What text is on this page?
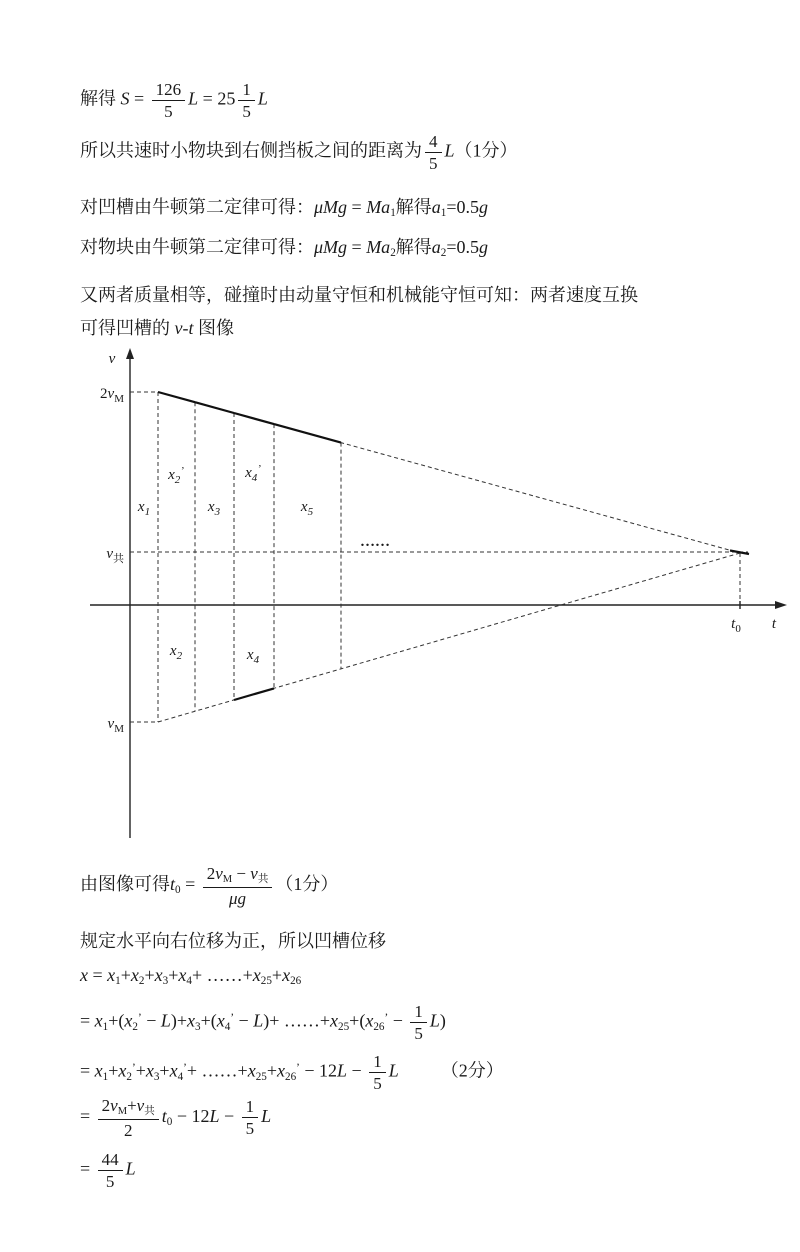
解得 $S = \frac{126}{5}$ $L = 25 \frac{1}{5}$ L
所以共速时小物块到右侧挡板之间的距离为 $\frac{4}{5} L(1$分）
对凹槽由牛顿第二定律可得：μMg = Ma1解得a1=0.5g
对物块由牛顿第二定律可得：μMg = Ma2解得a2=0.5g
又两者质量相等，碰撞时由动量守恒和机械能守恒可知：两者速度互换
可得凹槽的 v-t 图像
v
t
$2v_M$
$v_共$
$v_M$
$t_0$
$x_1$
$x_2^’$
$x_3$
$x_4^’$
$x_5$
$x_2$	$x_4$
……
由图像可得$t0 = \frac{\text{2vM − v共}}{\mu g} (1$分）
规定水平向右位移为正，所以凹槽位移
x = x1+x2+x3+x4+ ……+x25+x26
= x1+(x2’ − L)+x3+(x4’ − L)+ ……+x25+(x26’ − $\frac{1}{5} L$)
= x1+x2’+x3+x4’+ ……+x25+x26’ − $12L - \frac{1}{5}$ L （2分）
= $\frac{\text{2vM+v共}}{2} t0 - 12L - \frac{1}{5}$ L
= $\frac{44}{5}$ L
